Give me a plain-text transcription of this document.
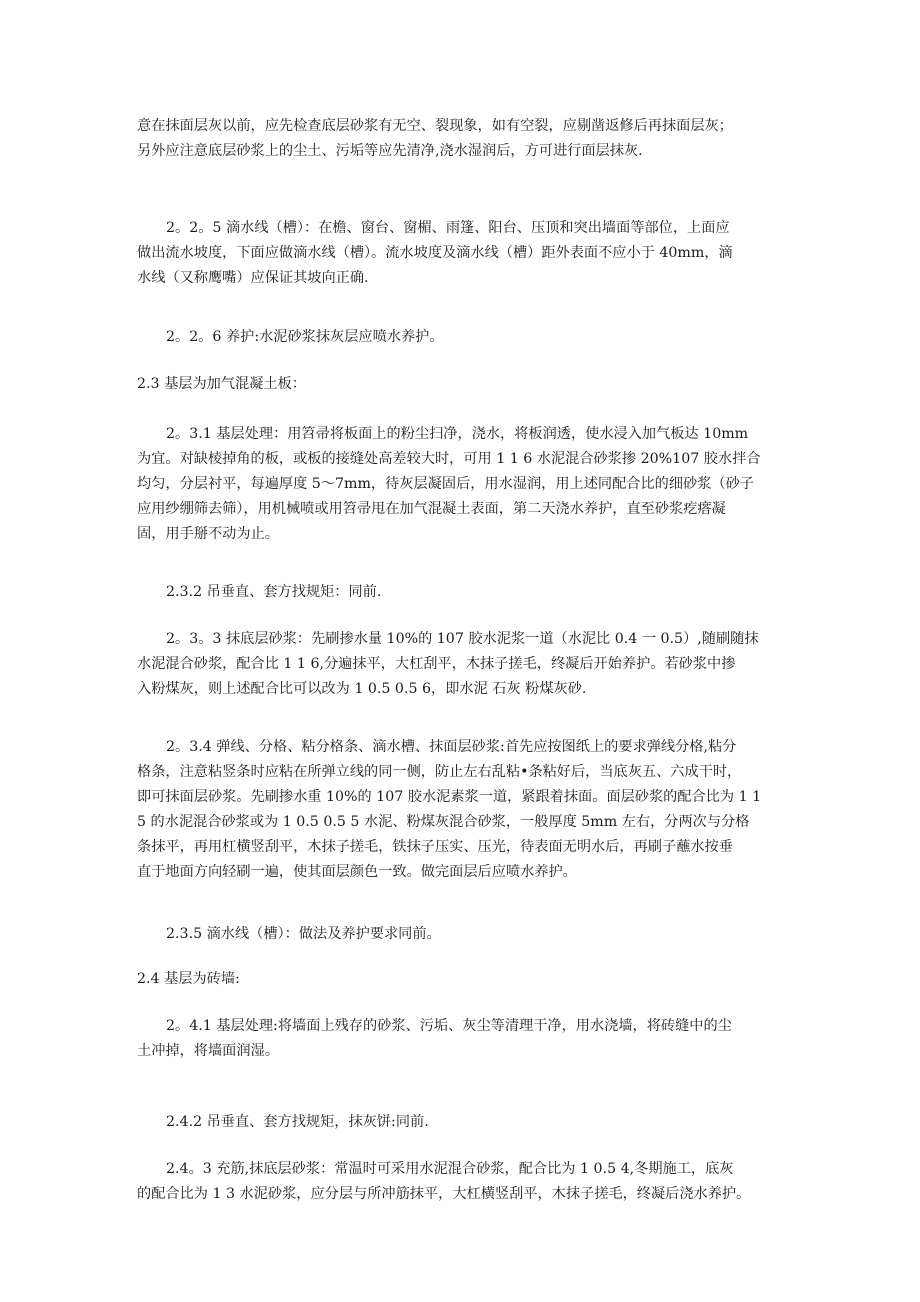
意在抹面层灰以前，应先检查底层砂浆有无空、裂现象，如有空裂，应剔凿返修后再抹面层灰；
另外应注意底层砂浆上的尘土、污垢等应先清净,浇水湿润后，方可进行面层抹灰.

2。2。5 滴水线（槽）：在檐、窗台、窗楣、雨篷、阳台、压顶和突出墙面等部位，上面应
做出流水坡度，下面应做滴水线（槽）。流水坡度及滴水线（槽）距外表面不应小于 40mm，滴
水线（又称鹰嘴）应保证其坡向正确.

2。2。6 养护:水泥砂浆抹灰层应喷水养护。

2.3 基层为加气混凝土板：

2。3.1 基层处理：用笤帚将板面上的粉尘扫净，浇水，将板润透，使水浸入加气板达 10mm
为宜。对缺棱掉角的板，或板的接缝处高差较大时，可用 1 1 6 水泥混合砂浆掺 20%107 胶水拌合
均匀，分层衬平，每遍厚度 5～7mm，待灰层凝固后，用水湿润，用上述同配合比的细砂浆（砂子
应用纱绷筛去筛），用机械喷或用笤帚甩在加气混凝土表面，第二天浇水养护，直至砂浆疙瘩凝
固，用手掰不动为止。

2.3.2 吊垂直、套方找规矩：同前.

2。3。3 抹底层砂浆：先刷掺水量 10%的 107 胶水泥浆一道（水泥比 0.4 一 0.5）,随刷随抹
水泥混合砂浆，配合比 1 1 6,分遍抹平，大杠刮平，木抹子搓毛，终凝后开始养护。若砂浆中掺
入粉煤灰，则上述配合比可以改为 1 0.5 0.5 6，即水泥 石灰 粉煤灰砂.

2。3.4 弹线、分格、粘分格条、滴水槽、抹面层砂浆:首先应按图纸上的要求弹线分格,粘分
格条，注意粘竖条时应粘在所弹立线的同一侧，防止左右乱粘•条粘好后，当底灰五、六成干时，
即可抹面层砂浆。先刷掺水重 10%的 107 胶水泥素浆一道，紧跟着抹面。面层砂浆的配合比为 1 1
5 的水泥混合砂浆或为 1 0.5 0.5 5 水泥、粉煤灰混合砂浆，一般厚度 5mm 左右，分两次与分格
条抹平，再用杠横竖刮平，木抹子搓毛，铁抹子压实、压光，待表面无明水后，再刷子蘸水按垂
直于地面方向轻刷一遍，使其面层颜色一致。做完面层后应喷水养护。

2.3.5 滴水线（槽）：做法及养护要求同前。

2.4 基层为砖墙:

2。4.1 基层处理:将墙面上残存的砂浆、污垢、灰尘等清理干净，用水浇墙，将砖缝中的尘
土冲掉，将墙面润湿。

2.4.2 吊垂直、套方找规矩，抹灰饼:同前.

2.4。3 充筋,抹底层砂浆：常温时可采用水泥混合砂浆，配合比为 1 0.5 4,冬期施工，底灰
的配合比为 1 3 水泥砂浆，应分层与所冲筋抹平，大杠横竖刮平，木抹子搓毛，终凝后浇水养护。
